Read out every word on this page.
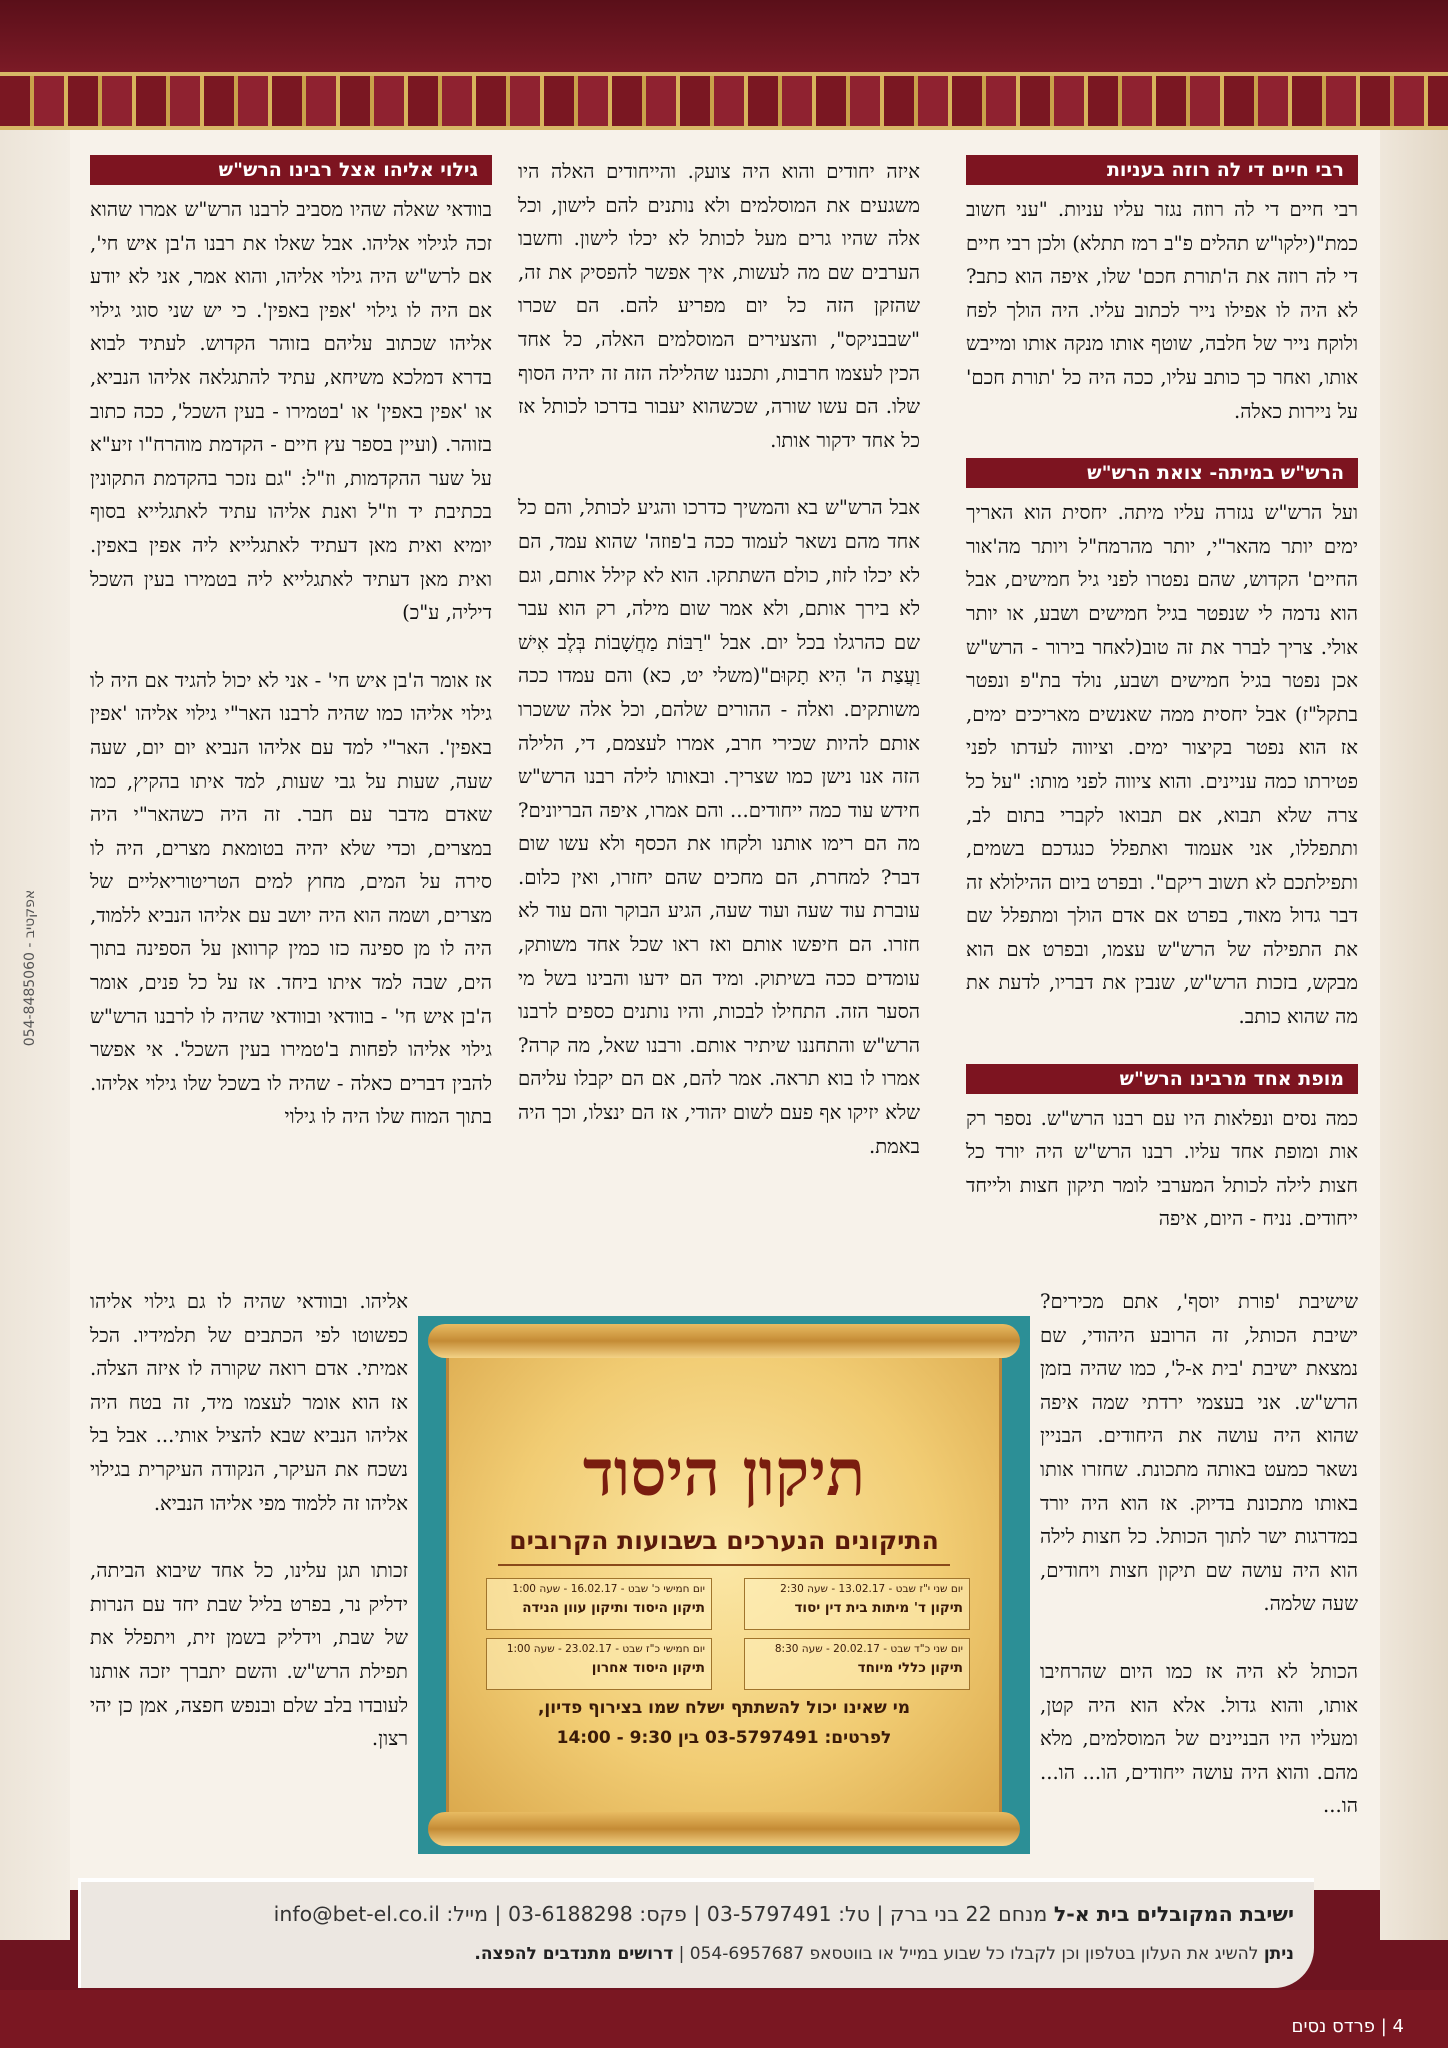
054-8485060 - אפקטיב
רבי חיים די לה רוזה בעניות

רבי חיים די לה רוזה נגזר עליו עניות. "עני חשוב כמת"(ילקו"ש תהלים פ"ב רמז תתלא) ולכן רבי חיים די לה רוזה את ה'תורת חכם' שלו, איפה הוא כתב? לא היה לו אפילו נייר לכתוב עליו. היה הולך לפח ולוקח נייר של חלבה, שוטף אותו מנקה אותו ומייבש אותו, ואחר כך כותב עליו, ככה היה כל 'תורת חכם' על ניירות כאלה.

הרש"ש במיתה- צואת הרש"ש

ועל הרש"ש נגזרה עליו מיתה. יחסית הוא האריך ימים יותר מהאר"י, יותר מהרמח"ל ויותר מה'אור החיים' הקדוש, שהם נפטרו לפני גיל חמישים, אבל הוא נדמה לי שנפטר בגיל חמישים ושבע, או יותר אולי. צריך לברר את זה טוב(לאחר בירור - הרש"ש אכן נפטר בגיל חמישים ושבע, נולד בת"פ ונפטר בתקל"ז) אבל יחסית ממה שאנשים מאריכים ימים, אז הוא נפטר בקיצור ימים. וציווה לעדתו לפני פטירתו כמה עניינים. והוא ציווה לפני מותו: "על כל צרה שלא תבוא, אם תבואו לקברי בתום לב, ותתפללו, אני אעמוד ואתפלל כנגדכם בשמים, ותפילתכם לא תשוב ריקם". ובפרט ביום ההילולא זה דבר גדול מאוד, בפרט אם אדם הולך ומתפלל שם את התפילה של הרש"ש עצמו, ובפרט אם הוא מבקש, בזכות הרש"ש, שנבין את דבריו, לדעת את מה שהוא כותב.

מופת אחד מרבינו הרש"ש

כמה נסים ונפלאות היו עם רבנו הרש"ש. נספר רק אות ומופת אחד עליו. רבנו הרש"ש היה יורד כל חצות לילה לכותל המערבי לומר תיקון חצות ולייחד ייחודים. נניח - היום, איפה

איזה יחודים והוא היה צועק. והייחודים האלה היו משגעים את המוסלמים ולא נותנים להם לישון, וכל אלה שהיו גרים מעל לכותל לא יכלו לישון. וחשבו הערבים שם מה לעשות, איך אפשר להפסיק את זה, שהזקן הזה כל יום מפריע להם. הם שכרו "שבבניקס", והצעירים המוסלמים האלה, כל אחד הכין לעצמו חרבות, ותכננו שהלילה הזה זה יהיה הסוף שלו. הם עשו שורה, שכשהוא יעבור בדרכו לכותל אז כל אחד ידקור אותו.

אבל הרש"ש בא והמשיך כדרכו והגיע לכותל, והם כל אחד מהם נשאר לעמוד ככה ב'פוזה' שהוא עמד, הם לא יכלו לזוז, כולם השתתקו. הוא לא קילל אותם, וגם לא בירך אותם, ולא אמר שום מילה, רק הוא עבר שם כהרגלו בכל יום. אבל "רַבּוֹת מַחֲשָׁבוֹת בְּלֶב אִישׁ וַעֲצַת ה' הִיא תָקוּם"(משלי יט, כא) והם עמדו ככה משותקים. ואלה - ההורים שלהם, וכל אלה ששכרו אותם להיות שכירי חרב, אמרו לעצמם, די, הלילה הזה אנו נישן כמו שצריך. ובאותו לילה רבנו הרש"ש חידש עוד כמה ייחודים... והם אמרו, איפה הבריונים? מה הם רימו אותנו ולקחו את הכסף ולא עשו שום דבר? למחרת, הם מחכים שהם יחזרו, ואין כלום. עוברת עוד שעה ועוד שעה, הגיע הבוקר והם עוד לא חזרו. הם חיפשו אותם ואז ראו שכל אחד משותק, עומדים ככה בשיתוק. ומיד הם ידעו והבינו בשל מי הסער הזה. התחילו לבכות, והיו נותנים כספים לרבנו הרש"ש והתחננו שיתיר אותם. ורבנו שאל, מה קרה? אמרו לו בוא תראה. אמר להם, אם הם יקבלו עליהם שלא יזיקו אף פעם לשום יהודי, אז הם ינצלו, וכך היה באמת.

גילוי אליהו אצל רבינו הרש"ש

בוודאי שאלה שהיו מסביב לרבנו הרש"ש אמרו שהוא זכה לגילוי אליהו. אבל שאלו את רבנו ה'בן איש חי', אם לרש"ש היה גילוי אליהו, והוא אמר, אני לא יודע אם היה לו גילוי 'אפין באפין'. כי יש שני סוגי גילוי אליהו שכתוב עליהם בזוהר הקדוש. לעתיד לבוא בדרא דמלכא משיחא, עתיד להתגלאה אליהו הנביא, או 'אפין באפין' או 'בטמירו - בעין השכל', ככה כתוב בזוהר. (ועיין בספר עץ חיים - הקדמת מוהרח"ו זיע"א על שער ההקדמות, וז"ל: "גם נזכר בהקדמת התקונין בכתיבת יד וז"ל ואנת אליהו עתיד לאתגלייא בסוף יומיא ואית מאן דעתיד לאתגלייא ליה אפין באפין. ואית מאן דעתיד לאתגלייא ליה בטמירו בעין השכל דיליה, ע"כ)

אז אומר ה'בן איש חי' - אני לא יכול להגיד אם היה לו גילוי אליהו כמו שהיה לרבנו האר"י גילוי אליהו 'אפין באפין'. האר"י למד עם אליהו הנביא יום יום, שעה שעה, שעות על גבי שעות, למד איתו בהקיץ, כמו שאדם מדבר עם חבר. זה היה כשהאר"י היה במצרים, וכדי שלא יהיה בטומאת מצרים, היה לו סירה על המים, מחוץ למים הטריטוריאליים של מצרים, ושמה הוא היה יושב עם אליהו הנביא ללמוד, היה לו מן ספינה כזו כמין קרוואן על הספינה בתוך הים, שבה למד איתו ביחד. אז על כל פנים, אומר ה'בן איש חי' - בוודאי ובוודאי שהיה לו לרבנו הרש"ש גילוי אליהו לפחות ב'טמירו בעין השכל'. אי אפשר להבין דברים כאלה - שהיה לו בשכל שלו גילוי אליהו. בתוך המוח שלו היה לו גילוי

שישיבת 'פורת יוסף', אתם מכירים? ישיבת הכותל, זה הרובע היהודי, שם נמצאת ישיבת 'בית א-ל', כמו שהיה בזמן הרש"ש. אני בעצמי ירדתי שמה איפה שהוא היה עושה את היחודים. הבניין נשאר כמעט באותה מתכונת. שחזרו אותו באותו מתכונת בדיוק. אז הוא היה יורד במדרגות ישר לתוך הכותל. כל חצות לילה הוא היה עושה שם תיקון חצות ויחודים, שעה שלמה.

הכותל לא היה אז כמו היום שהרחיבו אותו, והוא גדול. אלא הוא היה קטן, ומעליו היו הבניינים של המוסלמים, מלא מהם. והוא היה עושה ייחודים, הו... הו... הו...

אליהו. ובוודאי שהיה לו גם גילוי אליהו כפשוטו לפי הכתבים של תלמידיו. הכל אמיתי. אדם רואה שקורה לו איזה הצלה. אז הוא אומר לעצמו מיד, זה בטח היה אליהו הנביא שבא להציל אותי... אבל בל נשכח את העיקר, הנקודה העיקרית בגילוי אליהו זה ללמוד מפי אליהו הנביא.

זכותו תגן עלינו, כל אחד שיבוא הביתה, ידליק נר, בפרט בליל שבת יחד עם הנרות של שבת, וידליק בשמן זית, ויתפלל את תפילת הרש"ש. והשם יתברך יזכה אותנו לעובדו בלב שלם ובנפש חפצה, אמן כן יהי רצון.

תיקון היסוד
התיקונים הנערכים בשבועות הקרובים
יום שני י"ז שבט - 13.02.17 - שעה 2:30
תיקון ד' מיתות בית דין יסוד
יום חמישי כ' שבט - 16.02.17 - שעה 1:00
תיקון היסוד ותיקון עוון הנידה
יום שני כ"ד שבט - 20.02.17 - שעה 8:30
תיקון כללי מיוחד
יום חמישי כ"ז שבט - 23.02.17 - שעה 1:00
תיקון היסוד אחרון
מי שאינו יכול להשתתף ישלח שמו בצירוף פדיון,
לפרטים: 03-5797491 בין 9:30 - 14:00
ישיבת המקובלים בית א-ל מנחם 22 בני ברק | טל: 03-5797491 | פקס: 03-6188298 | מייל: info@bet-el.co.il
ניתן להשיג את העלון בטלפון וכן לקבלו כל שבוע במייל או בווטסאפ 054-6957687 | דרושים מתנדבים להפצה.
4 | פרדס נסים
